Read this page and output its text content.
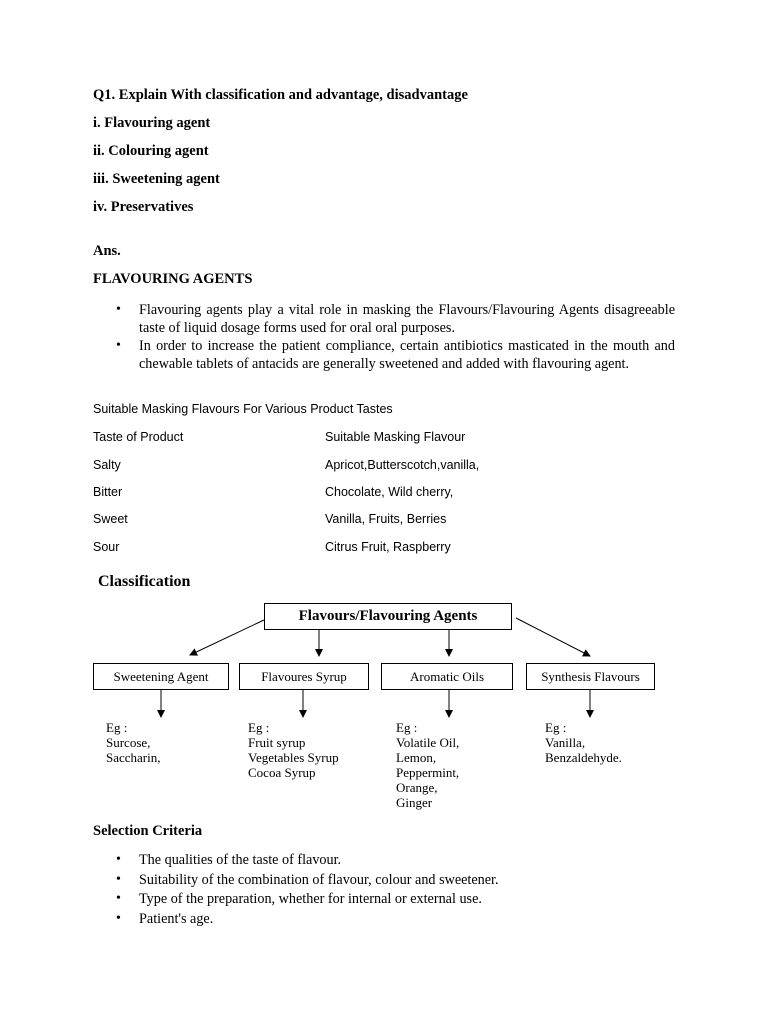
Q1. Explain With classification and advantage, disadvantage
i. Flavouring agent
ii. Colouring agent
iii. Sweetening agent
iv. Preservatives
Ans.
FLAVOURING AGENTS
• Flavouring agents play a vital role in masking the Flavours/Flavouring Agents disagreeable taste of liquid dosage forms used for oral oral purposes.
• In order to increase the patient compliance, certain antibiotics masticated in the mouth and chewable tablets of antacids are generally sweetened and added with flavouring agent.
Suitable Masking Flavours For Various Product Tastes
Taste of Product	Suitable Masking Flavour
Salty	Apricot,Butterscotch,vanilla,
Bitter	Chocolate, Wild cherry,
Sweet	Vanilla, Fruits, Berries
Sour	Citrus Fruit, Raspberry
Classification
Flavours/Flavouring Agents
Sweetening Agent	Flavoures Syrup	Aromatic Oils	Synthesis Flavours
Eg :
Surcose,
Saccharin,
Eg :
Fruit syrup
Vegetables Syrup
Cocoa Syrup
Eg :
Volatile Oil,
Lemon,
Peppermint,
Orange,
Ginger
Eg :
Vanilla,
Benzaldehyde.
Selection Criteria
• The qualities of the taste of flavour.
• Suitability of the combination of flavour, colour and sweetener.
• Type of the preparation, whether for internal or external use.
• Patient's age.
